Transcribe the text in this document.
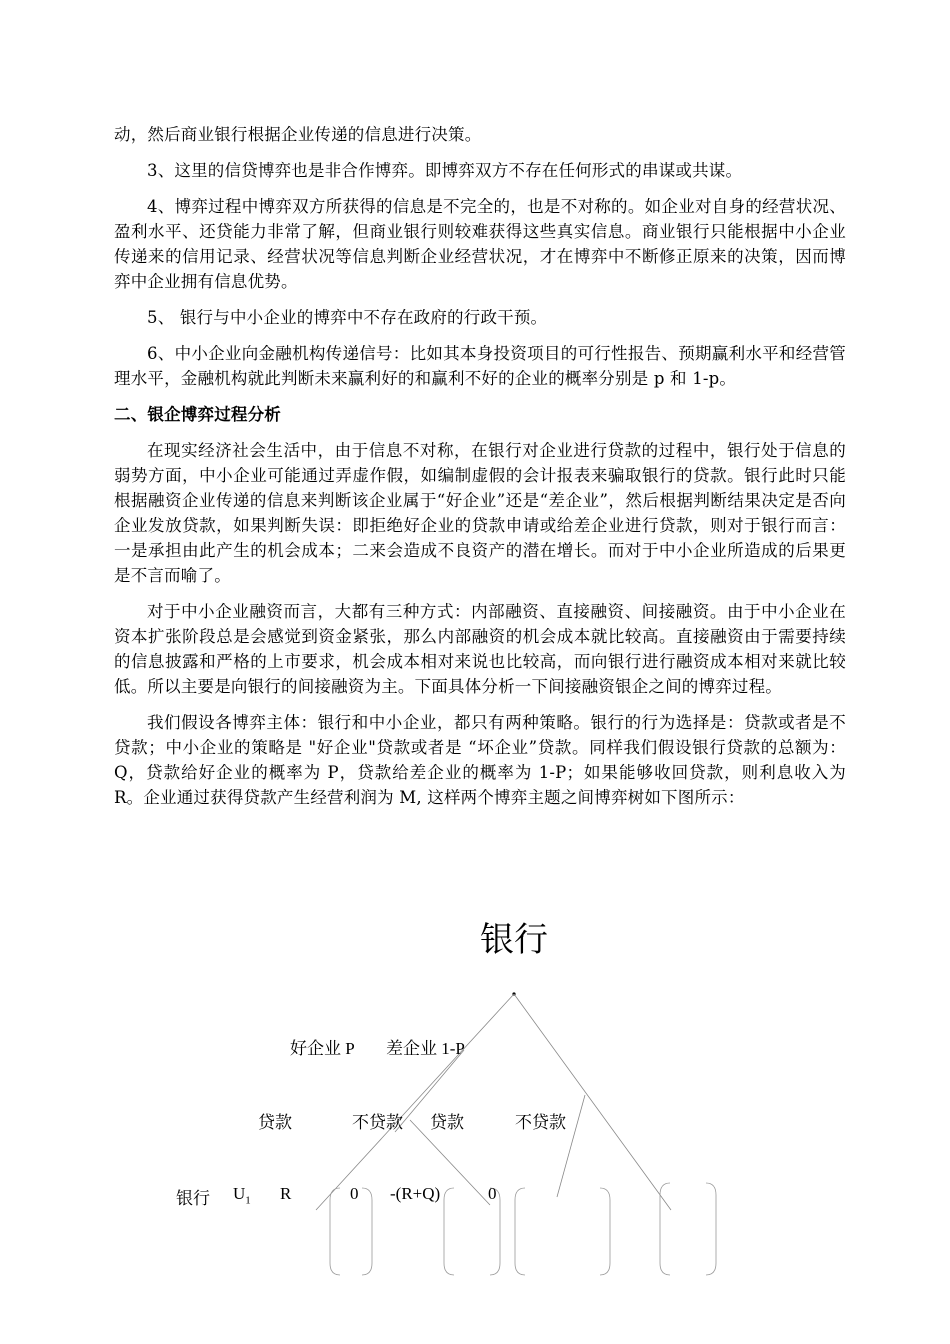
动，然后商业银行根据企业传递的信息进行决策。

3、这里的信贷博弈也是非合作博弈。即博弈双方不存在任何形式的串谋或共谋。

4、博弈过程中博弈双方所获得的信息是不完全的，也是不对称的。如企业对自身的经营状况、盈利水平、还贷能力非常了解，但商业银行则较难获得这些真实信息。商业银行只能根据中小企业传递来的信用记录、经营状况等信息判断企业经营状况，才在博弈中不断修正原来的决策，因而博弈中企业拥有信息优势。

5、 银行与中小企业的博弈中不存在政府的行政干预。

6、中小企业向金融机构传递信号：比如其本身投资项目的可行性报告、预期赢利水平和经营管理水平，金融机构就此判断未来赢利好的和赢利不好的企业的概率分别是 p 和 1-p。

二、银企博弈过程分析

在现实经济社会生活中，由于信息不对称，在银行对企业进行贷款的过程中，银行处于信息的弱势方面，中小企业可能通过弄虚作假，如编制虚假的会计报表来骗取银行的贷款。银行此时只能根据融资企业传递的信息来判断该企业属于“好企业”还是“差企业”，然后根据判断结果决定是否向企业发放贷款，如果判断失误：即拒绝好企业的贷款申请或给差企业进行贷款，则对于银行而言：一是承担由此产生的机会成本；二来会造成不良资产的潜在增长。而对于中小企业所造成的后果更是不言而喻了。

对于中小企业融资而言，大都有三种方式：内部融资、直接融资、间接融资。由于中小企业在资本扩张阶段总是会感觉到资金紧张，那么内部融资的机会成本就比较高。直接融资由于需要持续的信息披露和严格的上市要求，机会成本相对来说也比较高，而向银行进行融资成本相对来就比较低。所以主要是向银行的间接融资为主。下面具体分析一下间接融资银企之间的博弈过程。

我们假设各博弈主体：银行和中小企业，都只有两种策略。银行的行为选择是：贷款或者是不贷款；中小企业的策略是 "好企业"贷款或者是 “坏企业”贷款。同样我们假设银行贷款的总额为：Q，贷款给好企业的概率为 P，贷款给差企业的概率为 1-P；如果能够收回贷款，则利息收入为 R。企业通过获得贷款产生经营利润为 M, 这样两个博弈主题之间博弈树如下图所示：

银行
好企业 P 差企业 1-P
贷款	不贷款 贷款	不贷款
银行 $U_1$ R	0 -(R+Q)	0
